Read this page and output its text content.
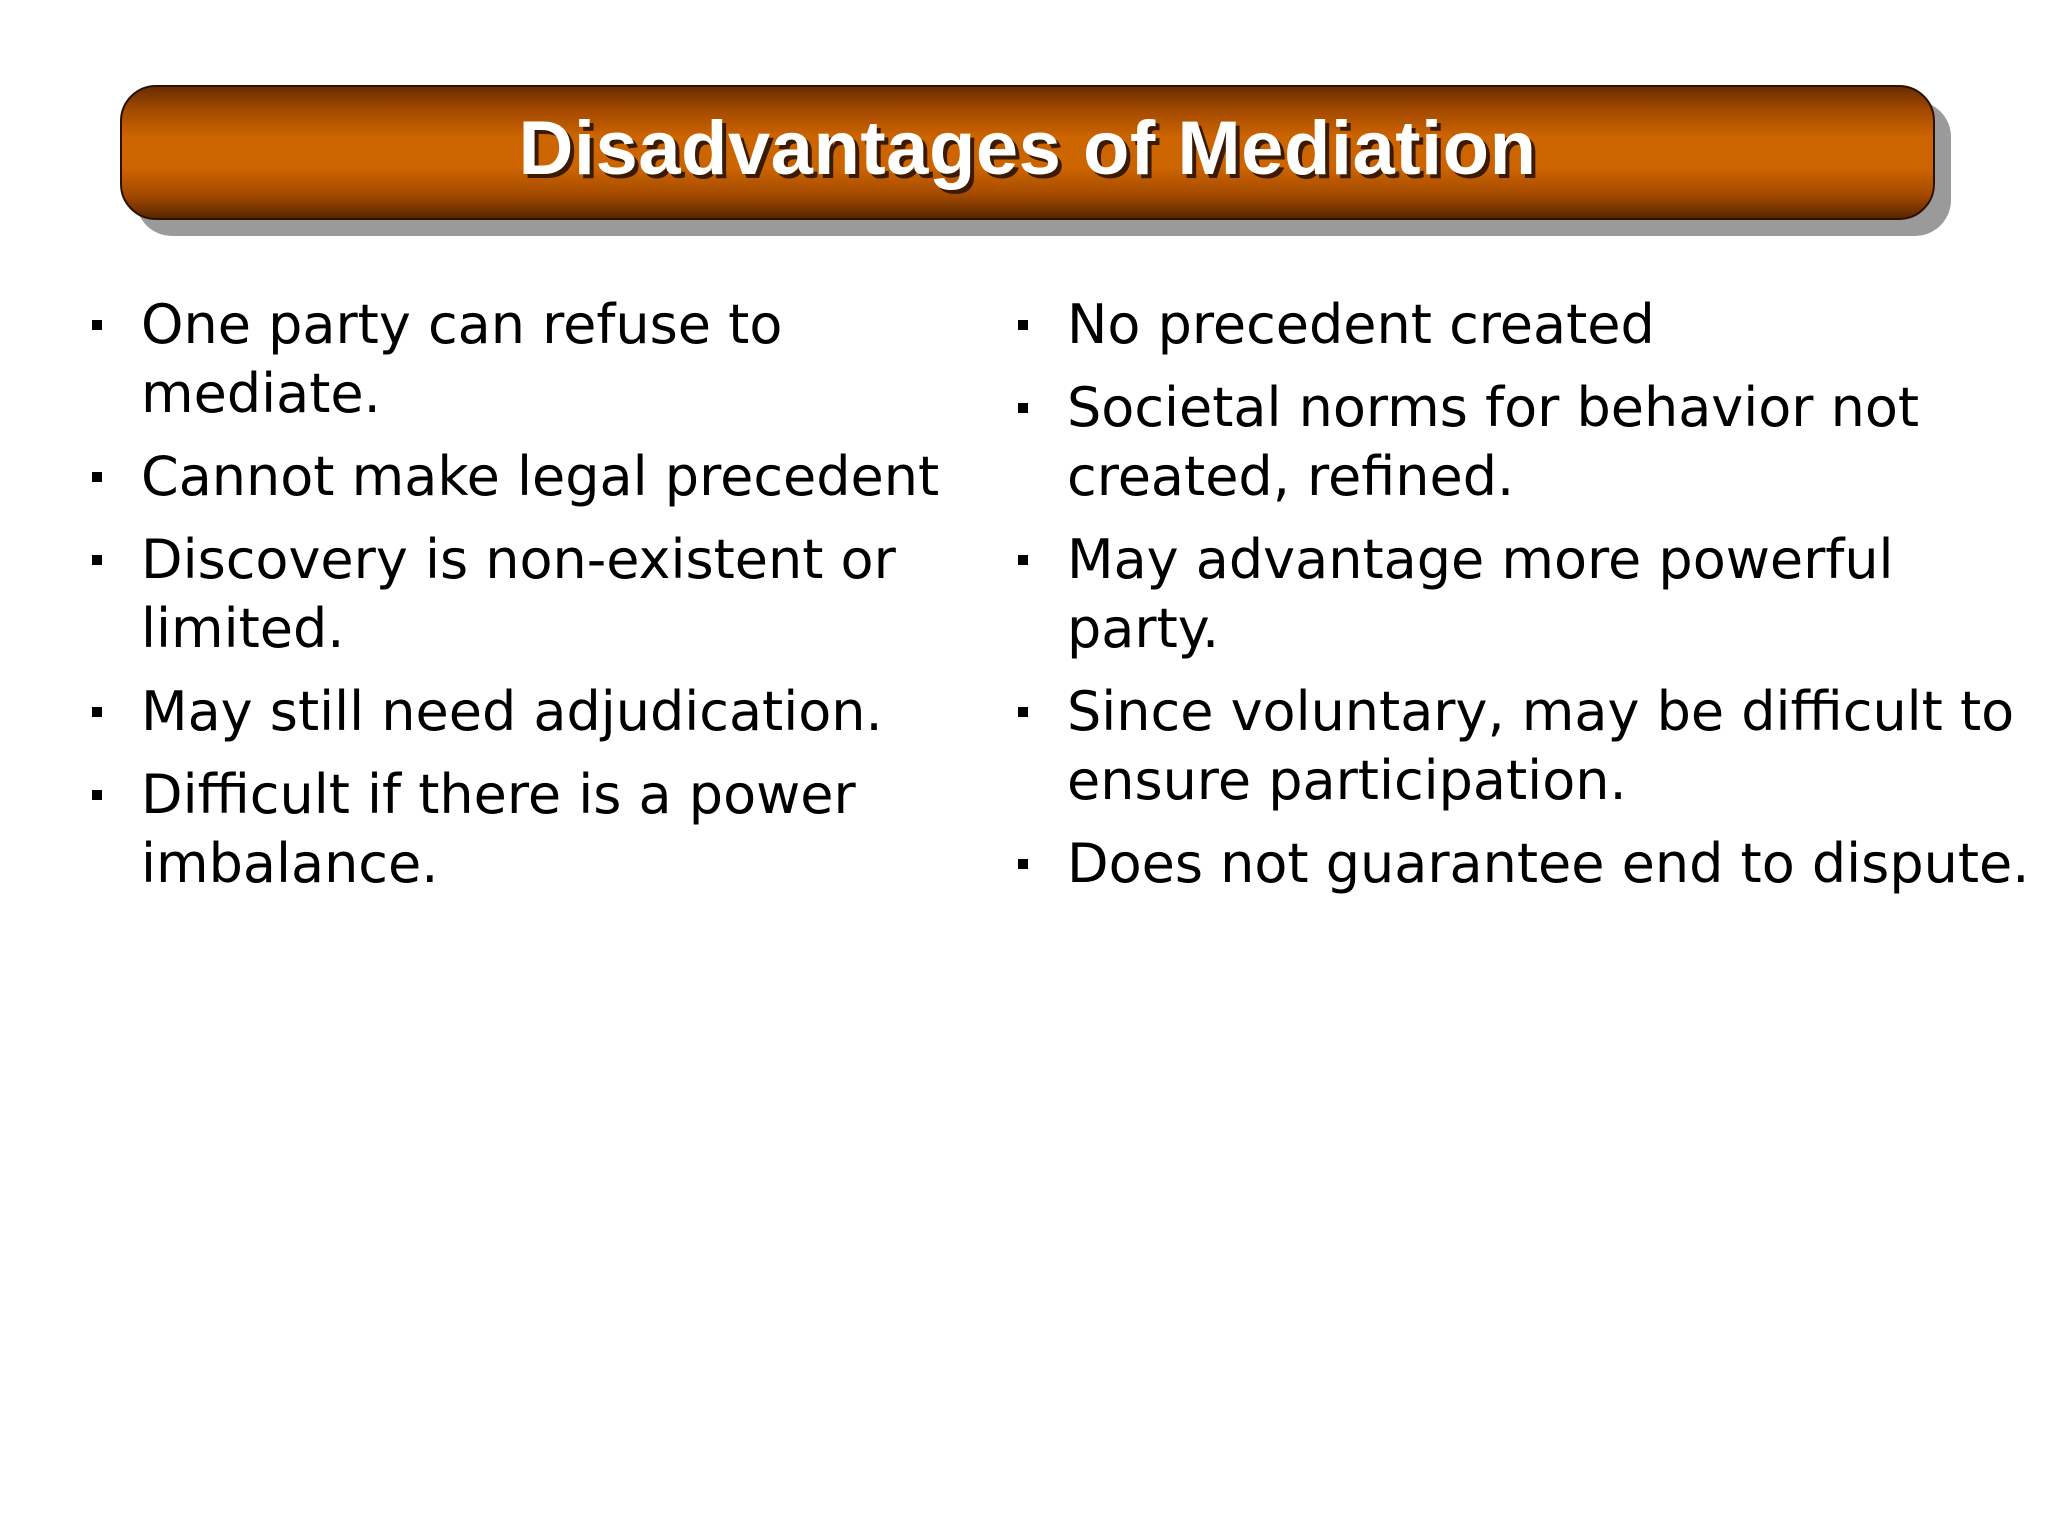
Disadvantages of Mediation
One party can refuse to mediate.
Cannot make legal precedent
Discovery is non-existent or limited.
May still need adjudication.
Difficult if there is a power imbalance.
No precedent created
Societal norms for behavior not created, refined.
May advantage more powerful party.
Since voluntary, may be difficult to ensure participation.
Does not guarantee end to dispute.
